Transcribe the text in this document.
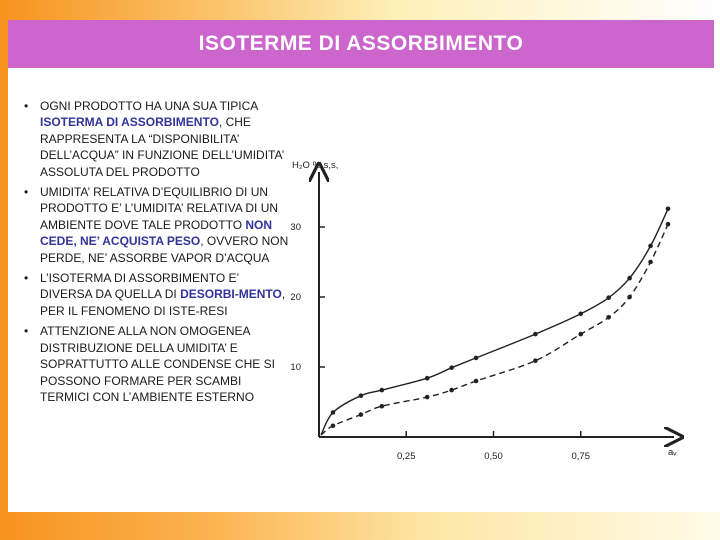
ISOTERME DI ASSORBIMENTO
• OGNI PRODOTTO HA UNA SUA TIPICA ISOTERMA DI ASSORBIMENTO, CHE RAPPRESENTA LA “DISPONIBILITA’ DELL’ACQUA” IN FUNZIONE DELL’UMIDITA’ ASSOLUTA DEL PRODOTTO
• UMIDITA’ RELATIVA D’EQUILIBRIO DI UN PRODOTTO E’ L’UMIDITA’ RELATIVA DI UN AMBIENTE DOVE TALE PRODOTTO NON CEDE, NE’ ACQUISTA PESO, OVVERO NON PERDE, NE’ ASSORBE VAPOR D’ACQUA
• L’ISOTERMA DI ASSORBIMENTO E’ DIVERSA DA QUELLA DI DESORBI-MENTO, PER IL FENOMENO DI ISTE-RESI
• ATTENZIONE ALLA NON OMOGENEA DISTRIBUZIONE DELLA UMIDITA’ E SOPRATTUTTO ALLE CONDENSE CHE SI POSSONO FORMARE PER SCAMBI TERMICI CON L’AMBIENTE ESTERNO
H₂O % s,s,
aᵥ
0,25	0,50	0,75
10
20
30
